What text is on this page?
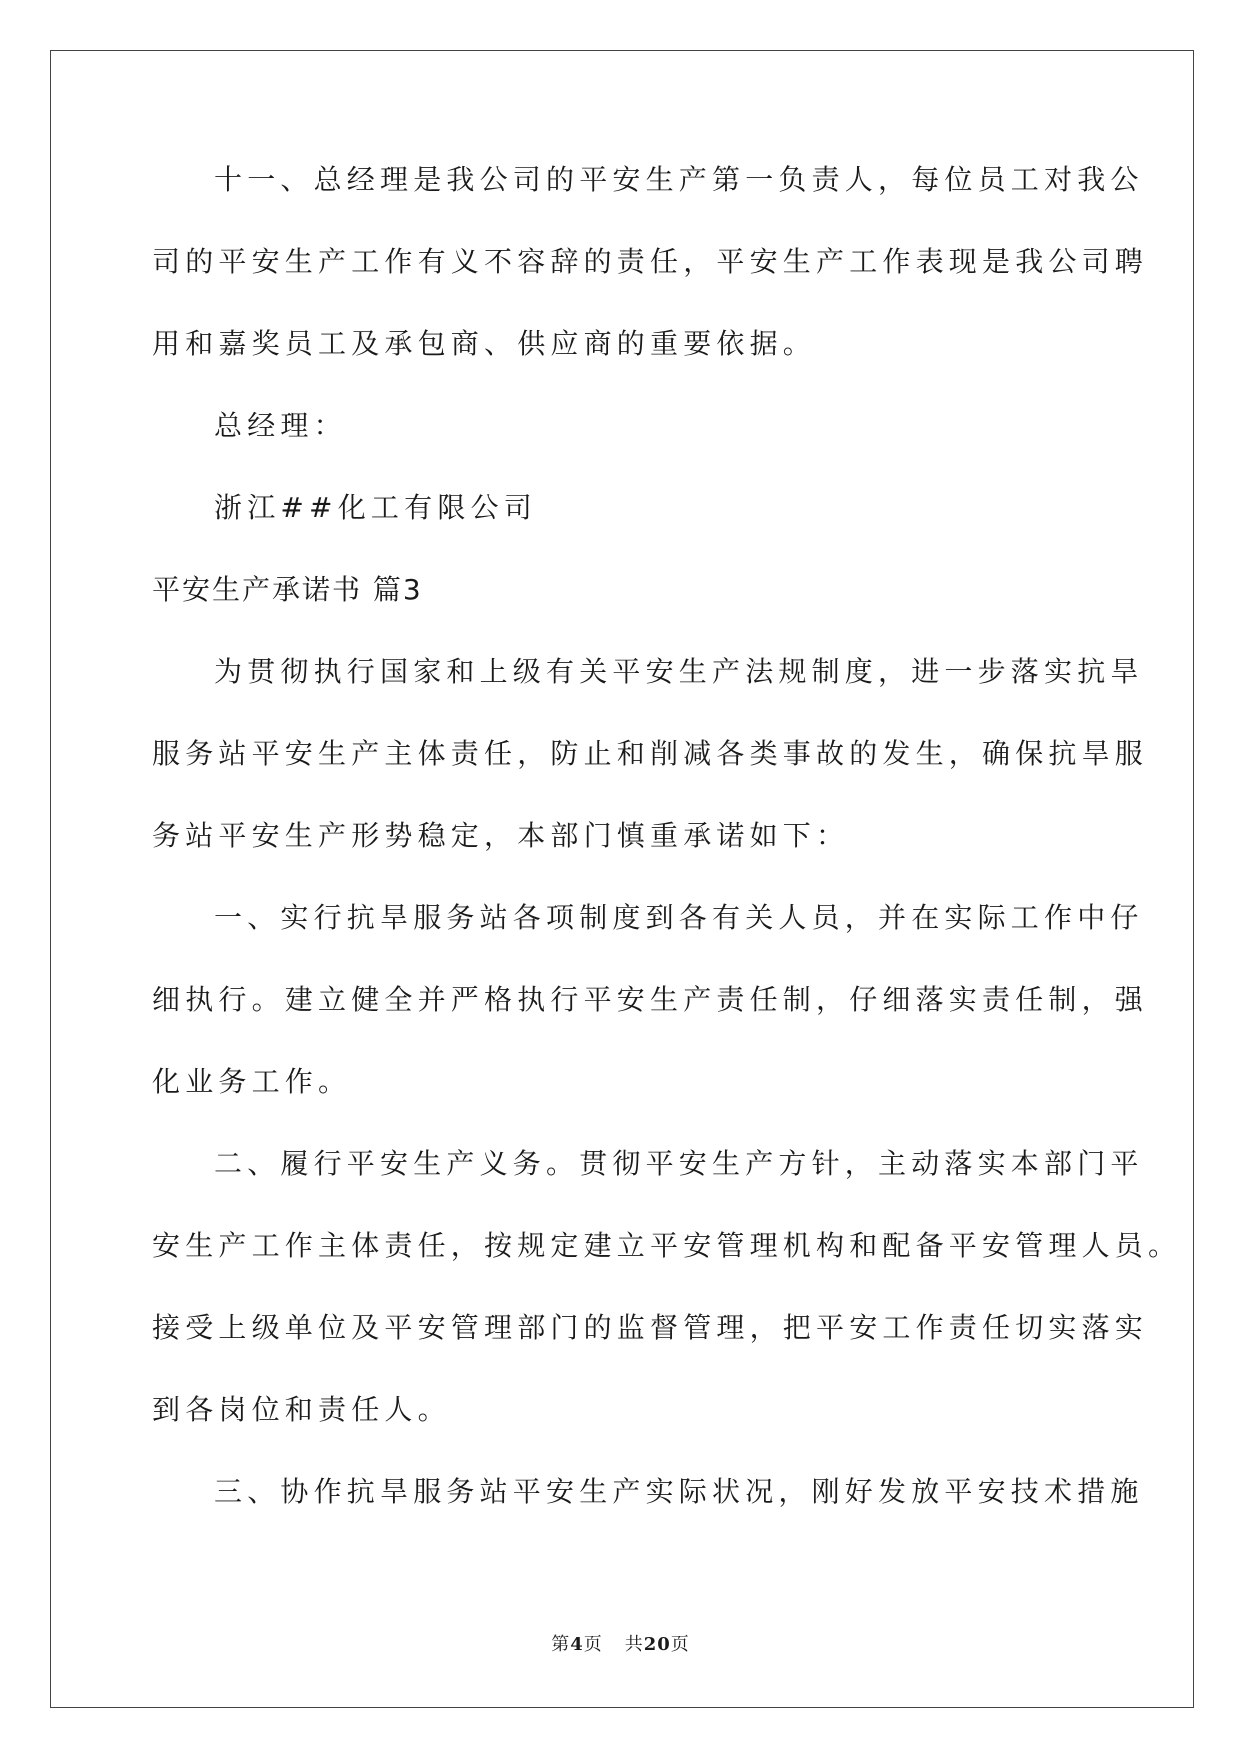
十一、总经理是我公司的平安生产第一负责人，每位员工对我公
司的平安生产工作有义不容辞的责任，平安生产工作表现是我公司聘
用和嘉奖员工及承包商、供应商的重要依据。
总经理：
浙江##化工有限公司
平安生产承诺书 篇3
为贯彻执行国家和上级有关平安生产法规制度，进一步落实抗旱
服务站平安生产主体责任，防止和削减各类事故的发生，确保抗旱服
务站平安生产形势稳定，本部门慎重承诺如下：
一、实行抗旱服务站各项制度到各有关人员，并在实际工作中仔
细执行。建立健全并严格执行平安生产责任制，仔细落实责任制，强
化业务工作。
二、履行平安生产义务。贯彻平安生产方针，主动落实本部门平
安生产工作主体责任，按规定建立平安管理机构和配备平安管理人员。
接受上级单位及平安管理部门的监督管理，把平安工作责任切实落实
到各岗位和责任人。
三、协作抗旱服务站平安生产实际状况，刚好发放平安技术措施
第4页 共20页
